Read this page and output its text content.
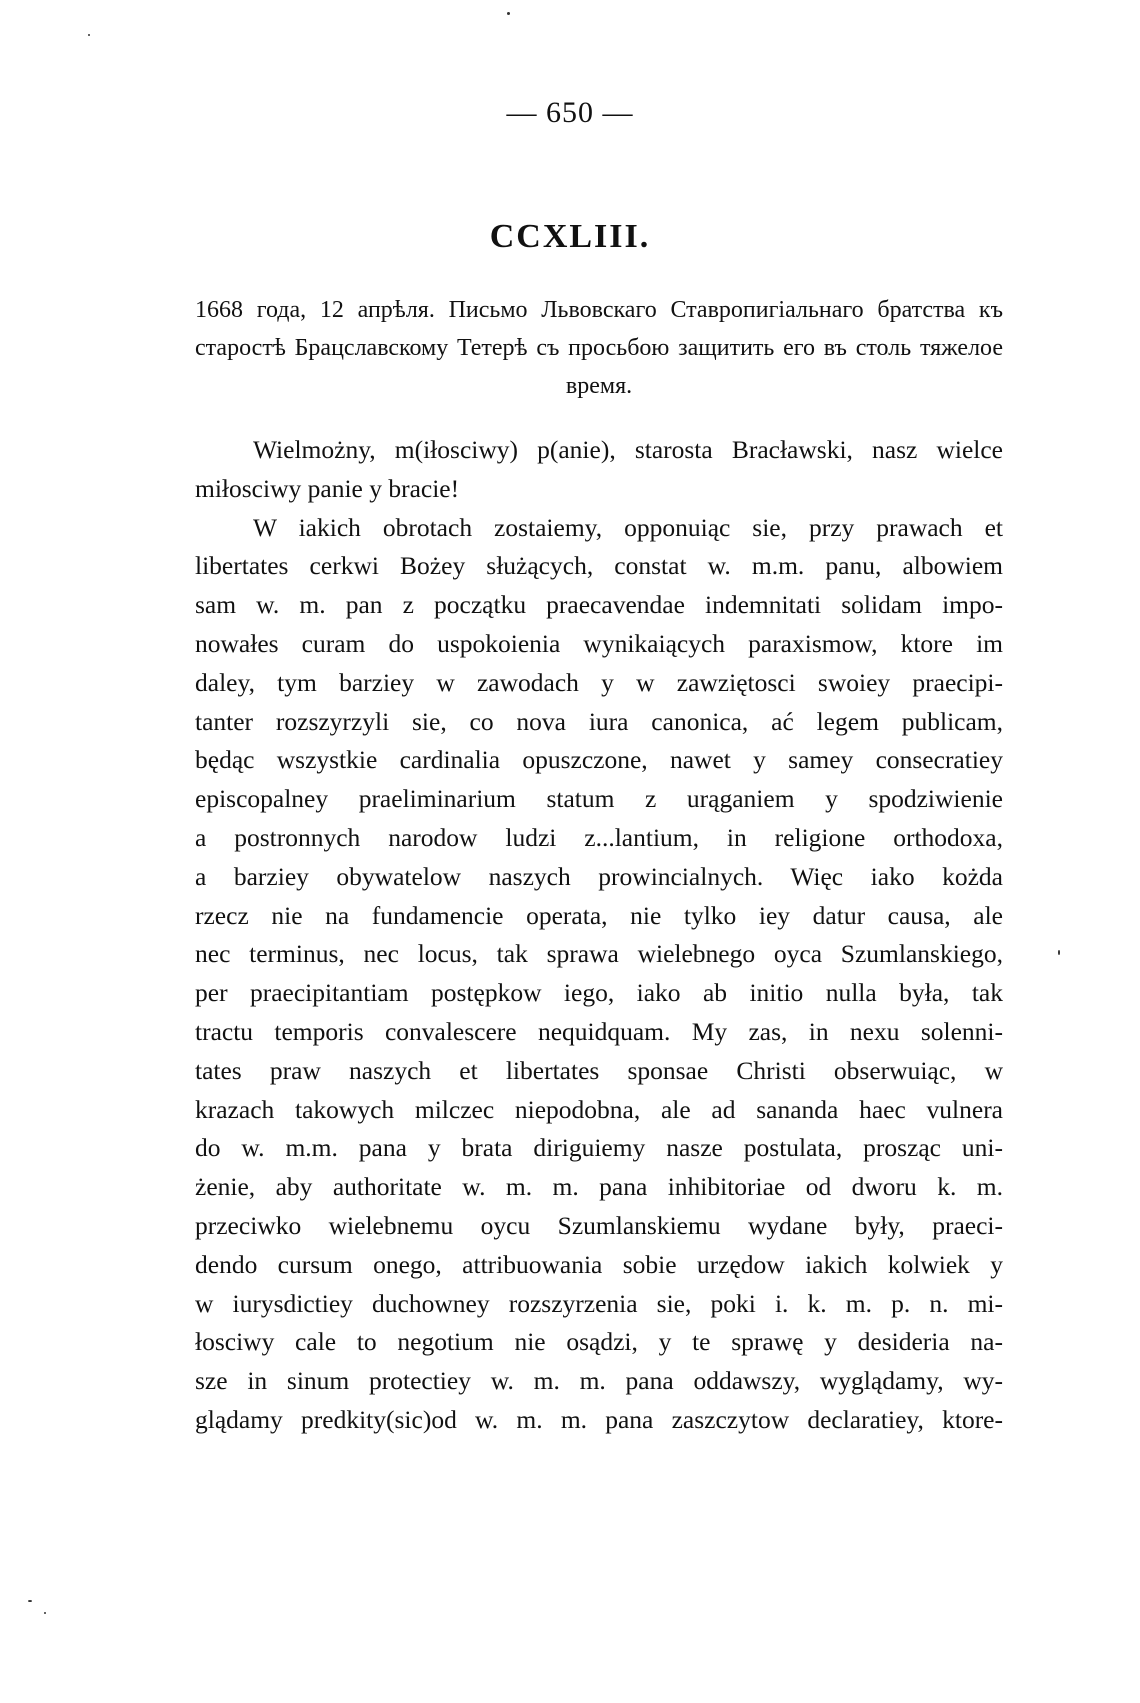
— 650 —
CCXLIII.
1668 года, 12 апрѣля. Письмо Львовскаго Ставропигіальнаго братства къ старостѣ Брацславскому Тетерѣ съ просьбою защитить его въ столь тяжелое время.
Wielmożny, m(iłosciwy) p(anie), starosta Bracławski, nasz wielce
miłosciwy panie y bracie!
W iakich obrotach zostaiemy, opponuiąc sie, przy prawach et
libertates cerkwi Bożey służących, constat w. m.m. panu, albowiem
sam w. m. pan z początku praecavendae indemnitati solidam impo-
nowałes curam do uspokoienia wynikaiących paraxismow, ktore im
daley, tym barziey w zawodach y w zawziętosci swoiey praecipi-
tanter rozszyrzyli sie, co nova iura canonica, ać legem publicam,
będąc wszystkie cardinalia opuszczone, nawet y samey consecratiey
episcopalney praeliminarium statum z urąganiem y spodziwienie
a postronnych narodow ludzi z...lantium, in religione orthodoxa,
a barziey obywatelow naszych prowincialnych. Więc iako kożda
rzecz nie na fundamencie operata, nie tylko iey datur causa, ale
nec terminus, nec locus, tak sprawa wielebnego oyca Szumlanskiego,
per praecipitantiam postępkow iego, iako ab initio nulla była, tak
tractu temporis convalescere nequidquam. My zas, in nexu solenni-
tates praw naszych et libertates sponsae Christi obserwuiąc, w
krazach takowych milczec niepodobna, ale ad sananda haec vulnera
do w. m.m. pana y brata diriguiemy nasze postulata, prosząc uni-
żenie, aby authoritate w. m. m. pana inhibitoriae od dworu k. m.
przeciwko wielebnemu oycu Szumlanskiemu wydane były, praeci-
dendo cursum onego, attribuowania sobie urzędow iakich kolwiek y
w iurysdictiey duchowney rozszyrzenia sie, poki i. k. m. p. n. mi-
łosciwy cale to negotium nie osądzi, y te sprawę y desideria na-
sze in sinum protectiey w. m. m. pana oddawszy, wyglądamy, wy-
glądamy predkity(sic)od w. m. m. pana zaszczytow declaratiey, ktore-
